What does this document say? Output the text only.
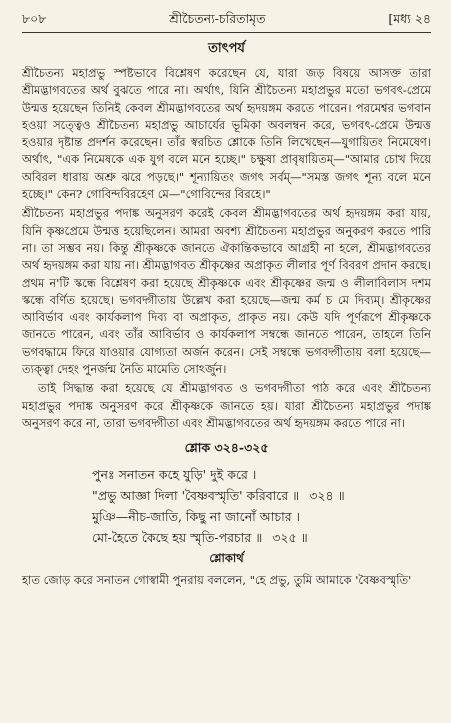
৮০৮	শ্রীচৈতন্য-চরিতামৃত	[মধ্য ২৪
তাৎপর্য

শ্রীচৈতন্য মহাপ্রভু স্পষ্টভাবে বিশ্লেষণ করেছেন যে, যারা জড় বিষয়ে আসক্ত তারা শ্রীমদ্ভাগবতের অর্থ বুঝতে পারে না। অর্থাৎ, যিনি শ্রীচৈতন্য মহাপ্রভুর মতো ভগবৎ-প্রেমে উন্মত্ত হয়েছেন তিনিই কেবল শ্রীমদ্ভাগবতের অর্থ হৃদয়ঙ্গম করতে পারেন। পরমেশ্বর ভগবান হওয়া সত্ত্বেও শ্রীচৈতন্য মহাপ্রভু আচার্যের ভূমিকা অবলম্বন করে, ভগবৎ-প্রেমে উন্মত্ত হওয়ার দৃষ্টান্ত প্রদর্শন করেছেন। তাঁর স্বরচিত শ্লোকে তিনি লিখেছেন—যুগায়িতং নিমেষেণ। অর্থাৎ, "এক নিমেষকে এক যুগ বলে মনে হচ্ছে।" চক্ষুষা প্রাবৃষায়িতম্—"আমার চোখ দিয়ে অবিরল ধারায় অশ্রু ঝরে পড়ছে।" শূন্যায়িতং জগৎ সর্বম্—"সমস্ত জগৎ শূন্য বলে মনে হচ্ছে।" কেন? গোবিন্দবিরহেণ মে—"গোবিন্দের বিরহে।"

শ্রীচৈতন্য মহাপ্রভুর পদাঙ্ক অনুসরণ করেই কেবল শ্রীমদ্ভাগবতের অর্থ হৃদয়ঙ্গম করা যায়, যিনি কৃষ্ণপ্রেমে উন্মত্ত হয়েছিলেন। আমরা অবশ্য শ্রীচৈতন্য মহাপ্রভুর অনুকরণ করতে পারি না। তা সম্ভব নয়। কিন্তু শ্রীকৃষ্ণকে জানতে ঐকান্তিকভাবে আগ্রহী না হলে, শ্রীমদ্ভাগবতের অর্থ হৃদয়ঙ্গম করা যায় না। শ্রীমদ্ভাগবত শ্রীকৃষ্ণের অপ্রাকৃত লীলার পূর্ণ বিবরণ প্রদান করছে। প্রথম ন'টি স্কন্ধে বিশ্লেষণ করা হয়েছে শ্রীকৃষ্ণকে এবং শ্রীকৃষ্ণের জন্ম ও লীলাবিলাস দশম স্কন্ধে বর্ণিত হয়েছে। ভগবদ্গীতায় উল্লেখ করা হয়েছে—জন্ম কর্ম চ মে দিব্যম্। শ্রীকৃষ্ণের আবির্ভাব এবং কার্যকলাপ দিব্য বা অপ্রাকৃত, প্রাকৃত নয়। কেউ যদি পূর্ণরূপে শ্রীকৃষ্ণকে জানতে পারেন, এবং তাঁর আবির্ভাব ও কার্যকলাপ সম্বন্ধে জানতে পারেন, তাহলে তিনি ভগবদ্ধামে ফিরে যাওয়ার যোগ্যতা অর্জন করেন। সেই সম্বন্ধে ভগবদ্গীতায় বলা হয়েছে—ত্যক্ত্বা দেহং পুনর্জন্ম নৈতি মামেতি সোঽর্জুন।

তাই সিদ্ধান্ত করা হয়েছে যে শ্রীমদ্ভাগবত ও ভগবদ্গীতা পাঠ করে এবং শ্রীচৈতন্য মহাপ্রভুর পদাঙ্ক অনুসরণ করে শ্রীকৃষ্ণকে জানতে হয়। যারা শ্রীচৈতন্য মহাপ্রভুর পদাঙ্ক অনুসরণ করে না, তারা ভগবদ্গীতা এবং শ্রীমদ্ভাগবতের অর্থ হৃদয়ঙ্গম করতে পারে না।

শ্লোক ৩২৪-৩২৫
পুনঃ সনাতন কহে যুড়ি' দুই করে ।
"প্রভু আজ্ঞা দিলা 'বৈষ্ণবস্মৃতি' করিবারে ॥ ৩২৪ ॥
মুঞি—নীচ-জাতি, কিছু না জানোঁ আচার ।
মো-হৈতে কৈছে হয় স্মৃতি-পরচার ॥ ৩২৫ ॥
শ্লোকার্থ
হাত জোড় করে সনাতন গোস্বামী পুনরায় বললেন, "হে প্রভু, তুমি আমাকে 'বৈষ্ণবস্মৃতি'
